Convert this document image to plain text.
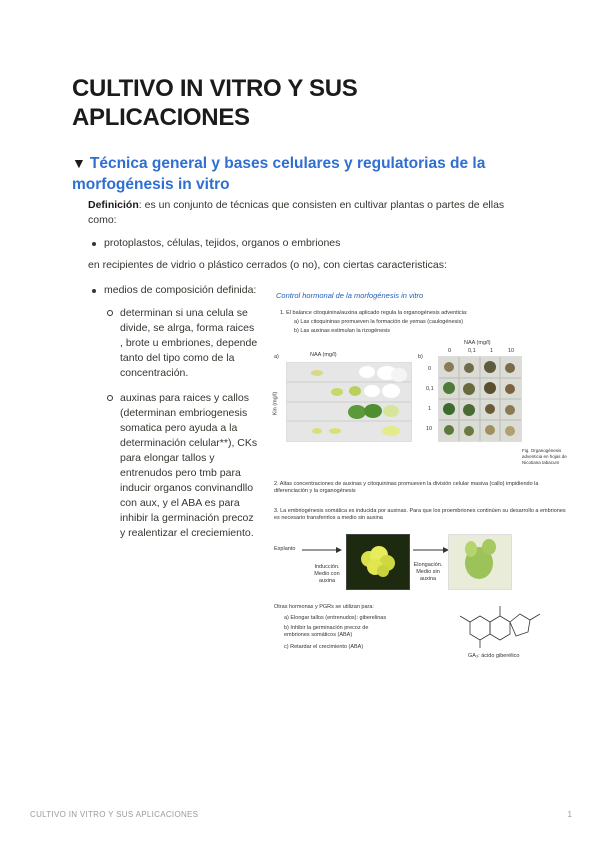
CULTIVO IN VITRO Y SUS APLICACIONES
▼ Técnica general y bases celulares y regulatorias de la morfogénesis in vitro
Definición: es un conjunto de técnicas que consisten en cultivar plantas o partes de ellas como:
protoplastos, células, tejidos, organos o embriones
en recipientes de vidrio o plástico cerrados (o no), con ciertas caracteristicas:
medios de composición definida:
determinan si una celula se divide, se alrga, forma raices , brote u embriones, depende tanto del tipo como de la concentración.
auxinas para raices y callos (determinan embriogenesis somatica pero ayuda a la determinación celular**), CKs para elongar tallos y entrenudos pero tmb para inducir organos convinandllo con aux, y el ABA es para inhibir la germinación precoz y realentizar el creciemiento.
Control hormonal de la morfogénesis in vitro
1. El balance citoquinina/auxina aplicado regula la organogénesis adventicia:
a) Las citoquininas promueven la formación de yemas (caulogénesis)
b) Las auxinas estimulan la rizogénesis
a)	NAA (mg/l)
Kin (mg/l)

b)
NAA (mg/l)
0	0,1	1	10
0
0,1
1
10
Fig. Organogénesis adventicia en hojas de Nicotiana tabacum
2. Altas concentraciones de auxinas y citoquininas promueven la división celular masiva (callo) impidiendo la diferenciación y la organogénesis
3. La embriogénesis somática es inducida por auxinas. Para que los proembriones continúen su desarrollo a embriones es necesario transferirlos a medio sin auxina
Explanto
Inducción. Medio con auxina
Elongación. Medio sin auxina
Otras hormonas y PGRs se utilizan para:
a) Elongar tallos (entrenudos): giberelinas
b) Inhibir la germinación precoz de embriones somáticos (ABA)
c) Retardar el crecimiento (ABA)
GA₃: ácido giberélico
CULTIVO IN VITRO Y SUS APLICACIONES	1
